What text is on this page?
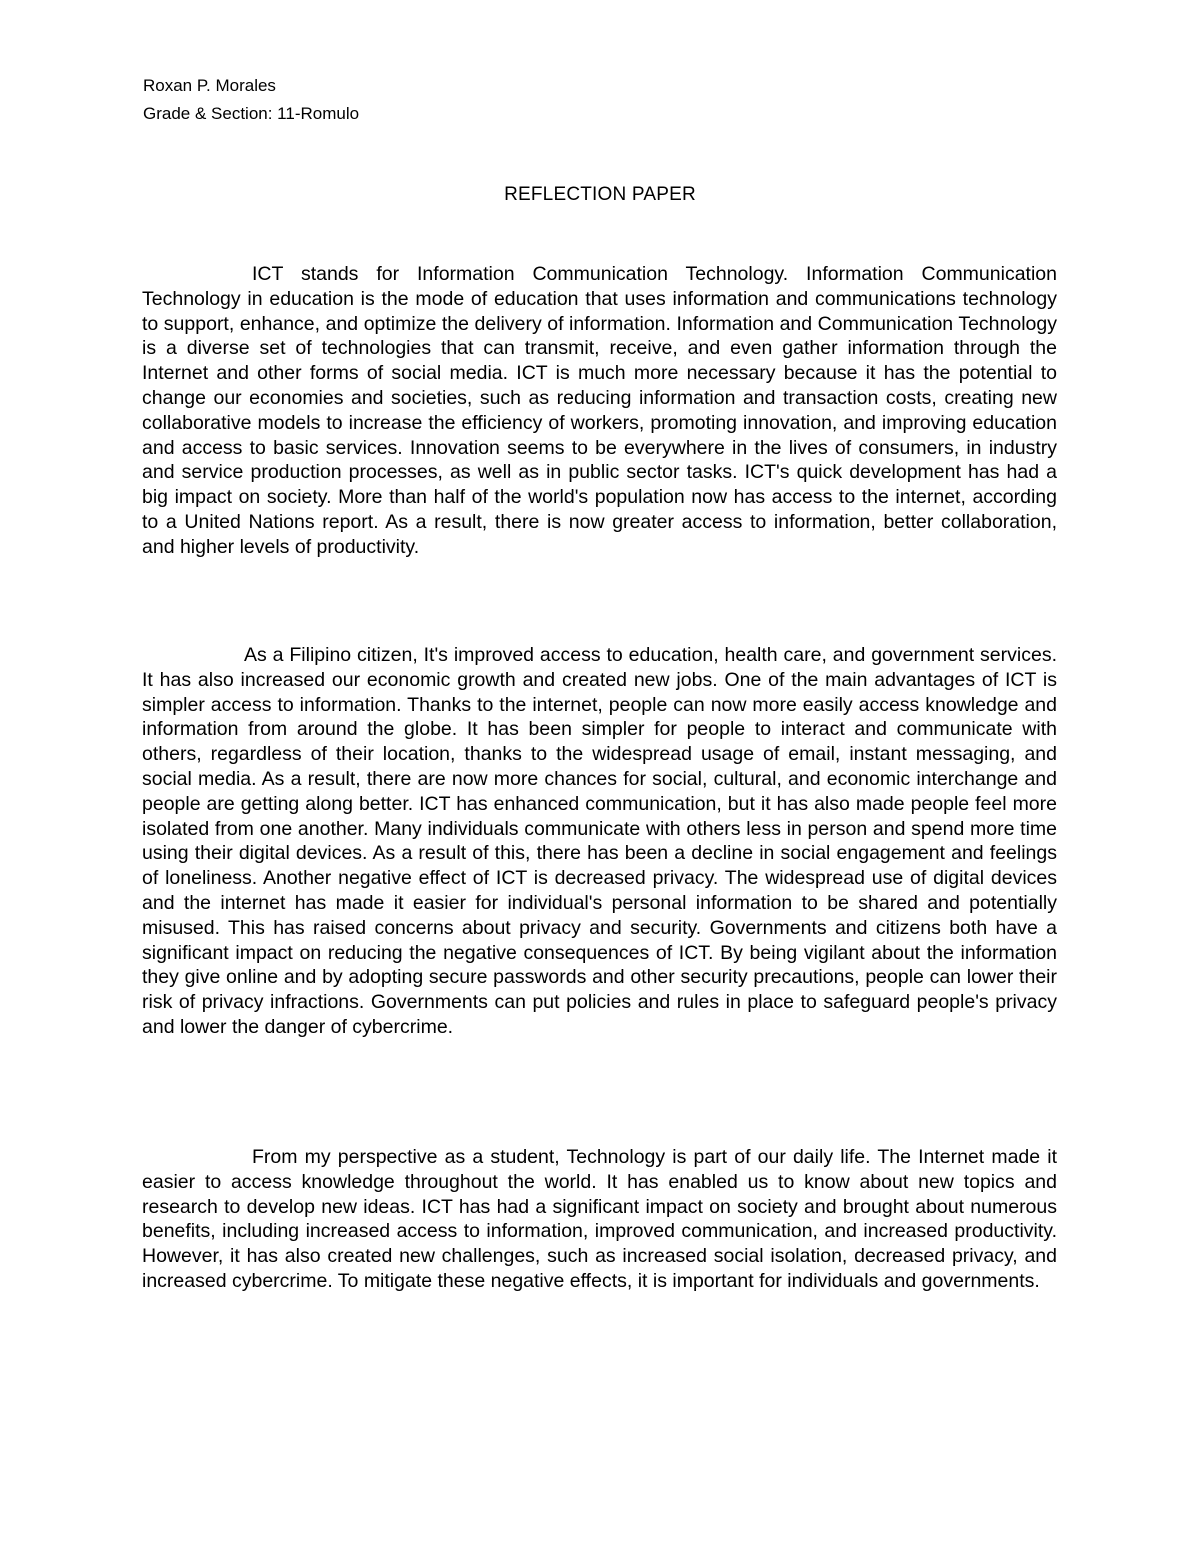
Roxan P. Morales
Grade & Section: 11-Romulo
REFLECTION PAPER

ICT stands for Information Communication Technology. Information Communication Technology in education is the mode of education that uses information and communications technology to support, enhance, and optimize the delivery of information. Information and Communication Technology is a diverse set of technologies that can transmit, receive, and even gather information through the Internet and other forms of social media. ICT is much more necessary because it has the potential to change our economies and societies, such as reducing information and transaction costs, creating new collaborative models to increase the efficiency of workers, promoting innovation, and improving education and access to basic services. Innovation seems to be everywhere in the lives of consumers, in industry and service production processes, as well as in public sector tasks. ICT's quick development has had a big impact on society. More than half of the world's population now has access to the internet, according to a United Nations report. As a result, there is now greater access to information, better collaboration, and higher levels of productivity.

As a Filipino citizen, It's improved access to education, health care, and government services. It has also increased our economic growth and created new jobs. One of the main advantages of ICT is simpler access to information. Thanks to the internet, people can now more easily access knowledge and information from around the globe. It has been simpler for people to interact and communicate with others, regardless of their location, thanks to the widespread usage of email, instant messaging, and social media. As a result, there are now more chances for social, cultural, and economic interchange and people are getting along better. ICT has enhanced communication, but it has also made people feel more isolated from one another. Many individuals communicate with others less in person and spend more time using their digital devices. As a result of this, there has been a decline in social engagement and feelings of loneliness. Another negative effect of ICT is decreased privacy. The widespread use of digital devices and the internet has made it easier for individual's personal information to be shared and potentially misused. This has raised concerns about privacy and security. Governments and citizens both have a significant impact on reducing the negative consequences of ICT. By being vigilant about the information they give online and by adopting secure passwords and other security precautions, people can lower their risk of privacy infractions. Governments can put policies and rules in place to safeguard people's privacy and lower the danger of cybercrime.

From my perspective as a student, Technology is part of our daily life. The Internet made it easier to access knowledge throughout the world. It has enabled us to know about new topics and research to develop new ideas. ICT has had a significant impact on society and brought about numerous benefits, including increased access to information, improved communication, and increased productivity. However, it has also created new challenges, such as increased social isolation, decreased privacy, and increased cybercrime. To mitigate these negative effects, it is important for individuals and governments.
